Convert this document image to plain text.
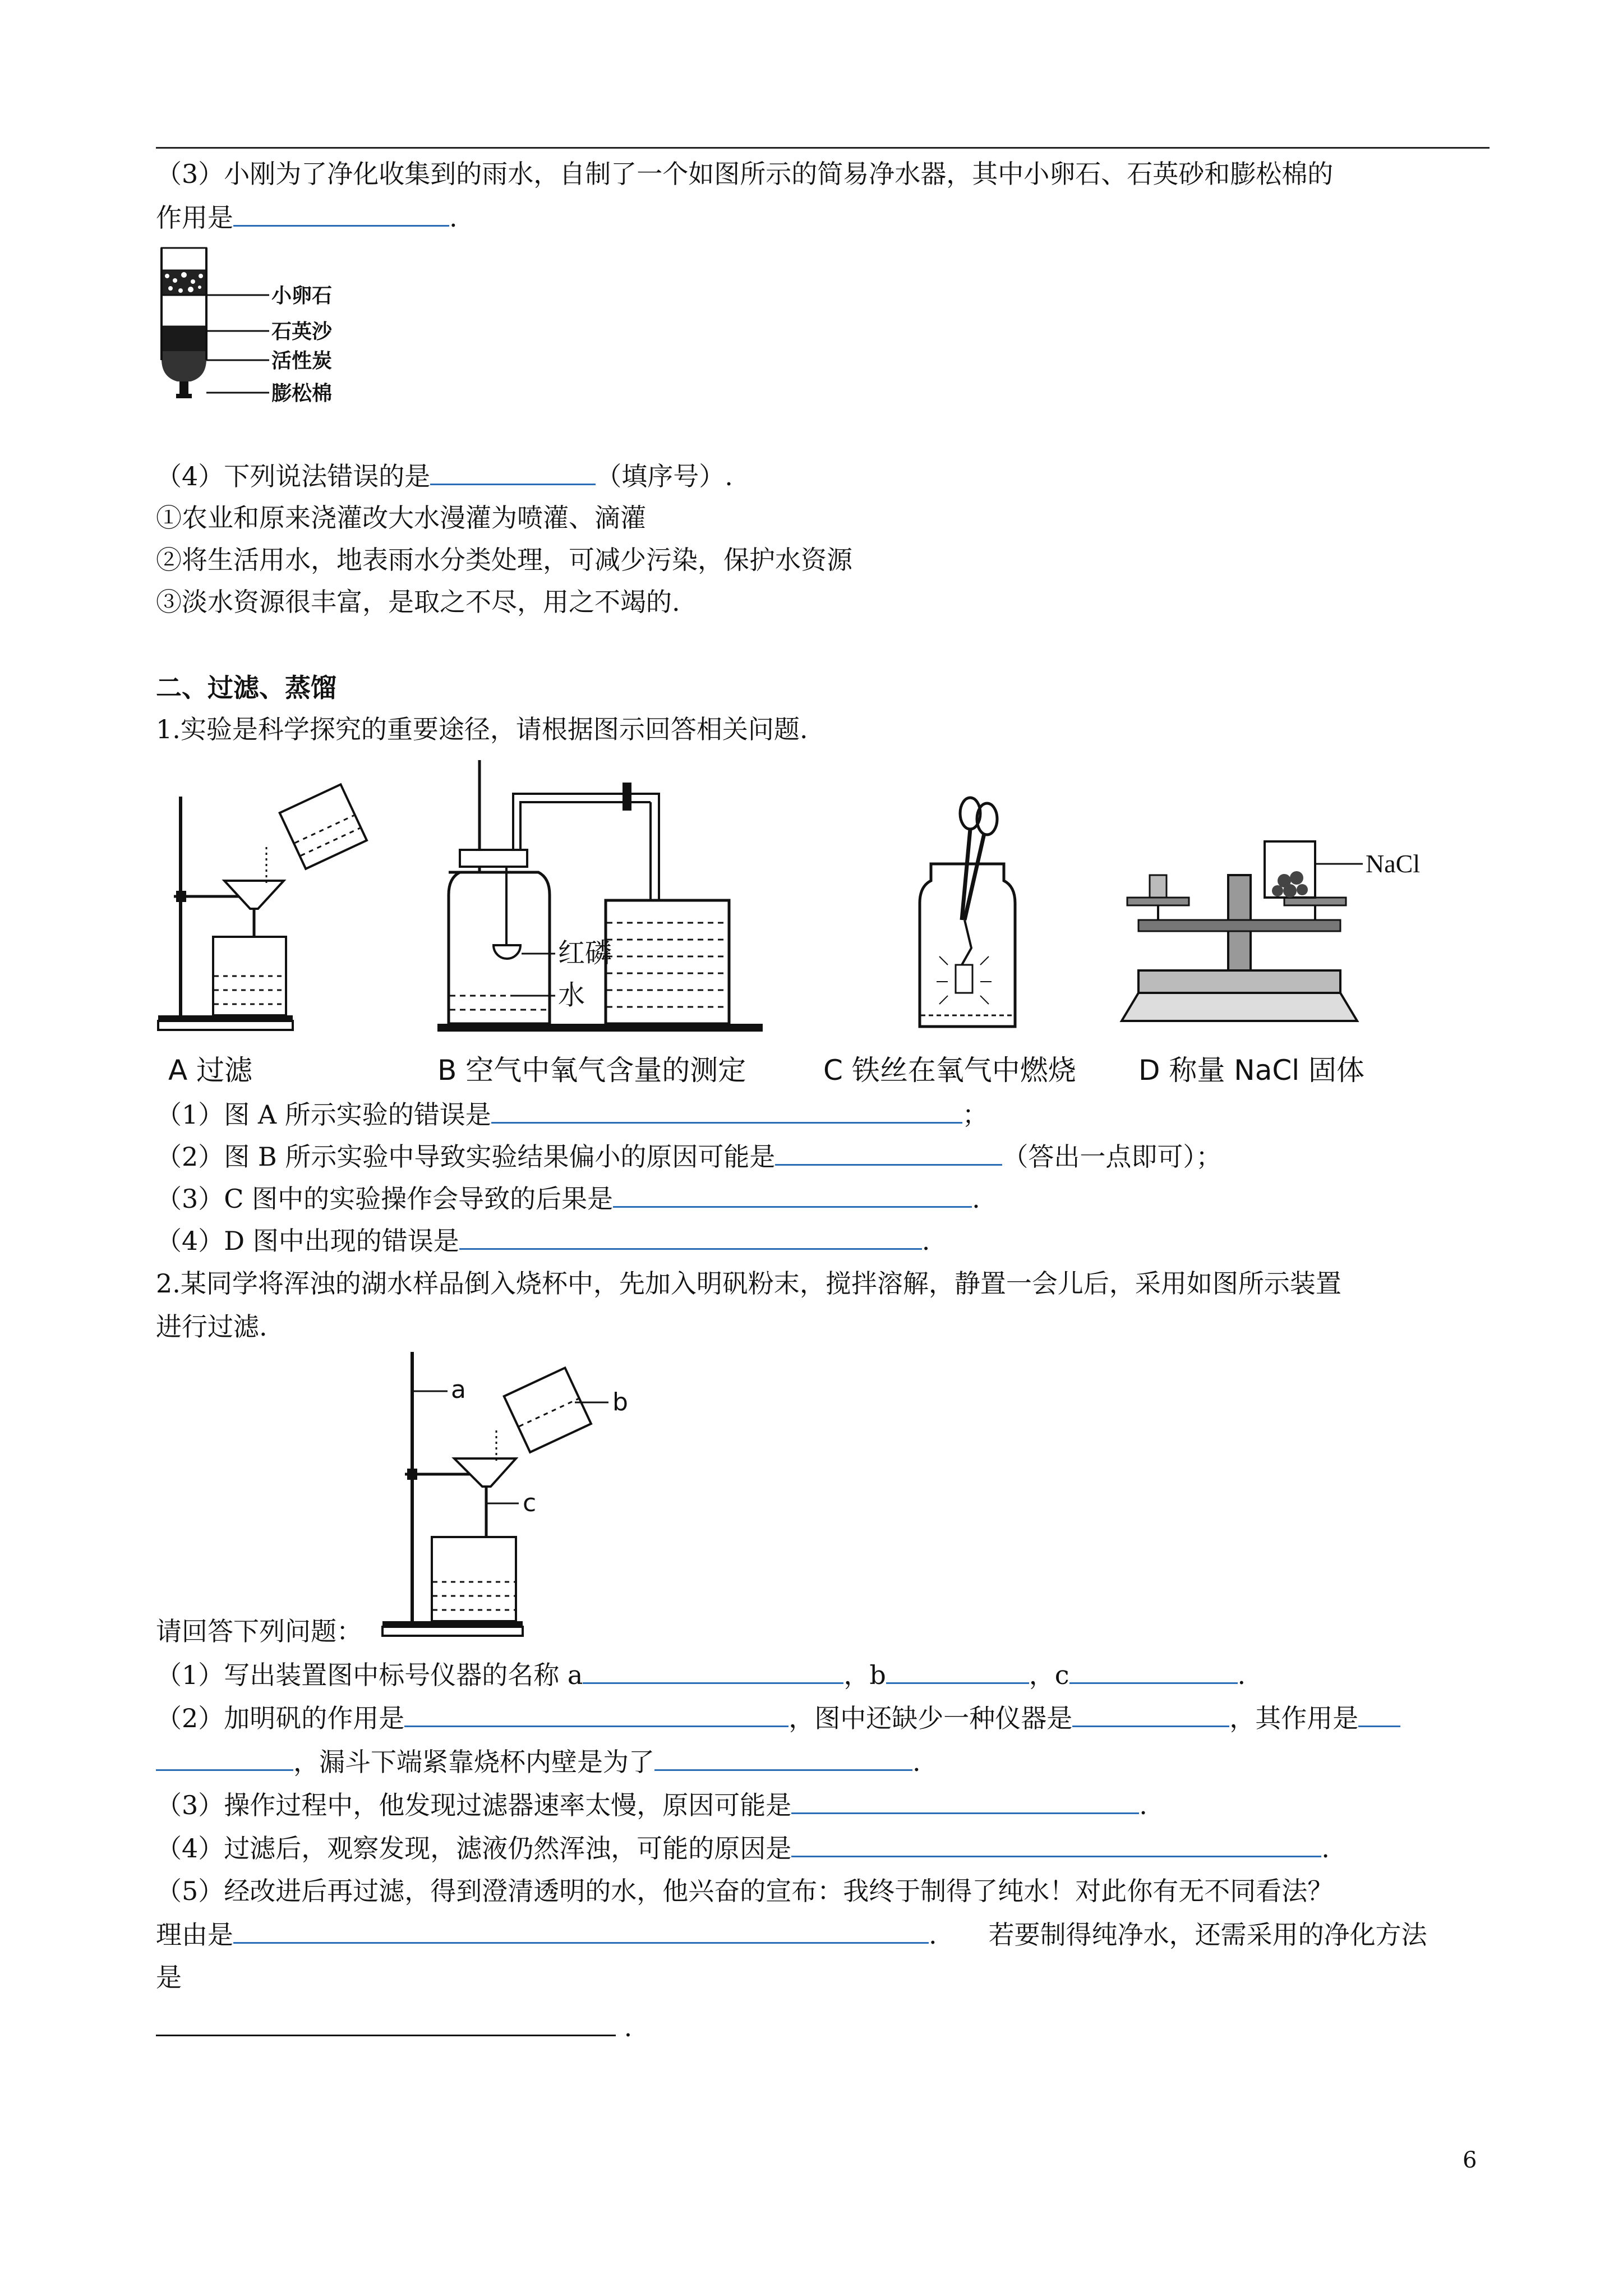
（3）小刚为了净化收集到的雨水，自制了一个如图所示的简易净水器，其中小卵石、石英砂和膨松棉的
作用是	.
小卵石
石英沙
活性炭
膨松棉
（4）下列说法错误的是	（填序号）.
①农业和原来浇灌改大水漫灌为喷灌、滴灌
②将生活用水，地表雨水分类处理，可减少污染，保护水资源
③淡水资源很丰富，是取之不尽，用之不竭的.
二、过滤、蒸馏
1.实验是科学探究的重要途径，请根据图示回答相关问题.
A 过滤
红磷
水
B 空气中氧气含量的测定	C 铁丝在氧气中燃烧
NaCl
D 称量 NaCl 固体
（1）图 A 所示实验的错误是	；
（2）图 B 所示实验中导致实验结果偏小的原因可能是	（答出一点即可）；
（3）C 图中的实验操作会导致的后果是	.
（4）D 图中出现的错误是	.
2.某同学将浑浊的湖水样品倒入烧杯中，先加入明矾粉末，搅拌溶解，静置一会儿后，采用如图所示装置
进行过滤.
a	b
c
请回答下列问题：
（1）写出装置图中标号仪器的名称 a	，b	，c	.
（2）加明矾的作用是	，图中还缺少一种仪器是	，其作用是
，漏斗下端紧靠烧杯内壁是为了	.
（3）操作过程中，他发现过滤器速率太慢，原因可能是	.
（4）过滤后，观察发现，滤液仍然浑浊，可能的原因是	.
（5）经改进后再过滤，得到澄清透明的水，他兴奋的宣布：我终于制得了纯水！对此你有无不同看法？
理由是	.　　若要制得纯净水，还需采用的净化方法
是
.
6
